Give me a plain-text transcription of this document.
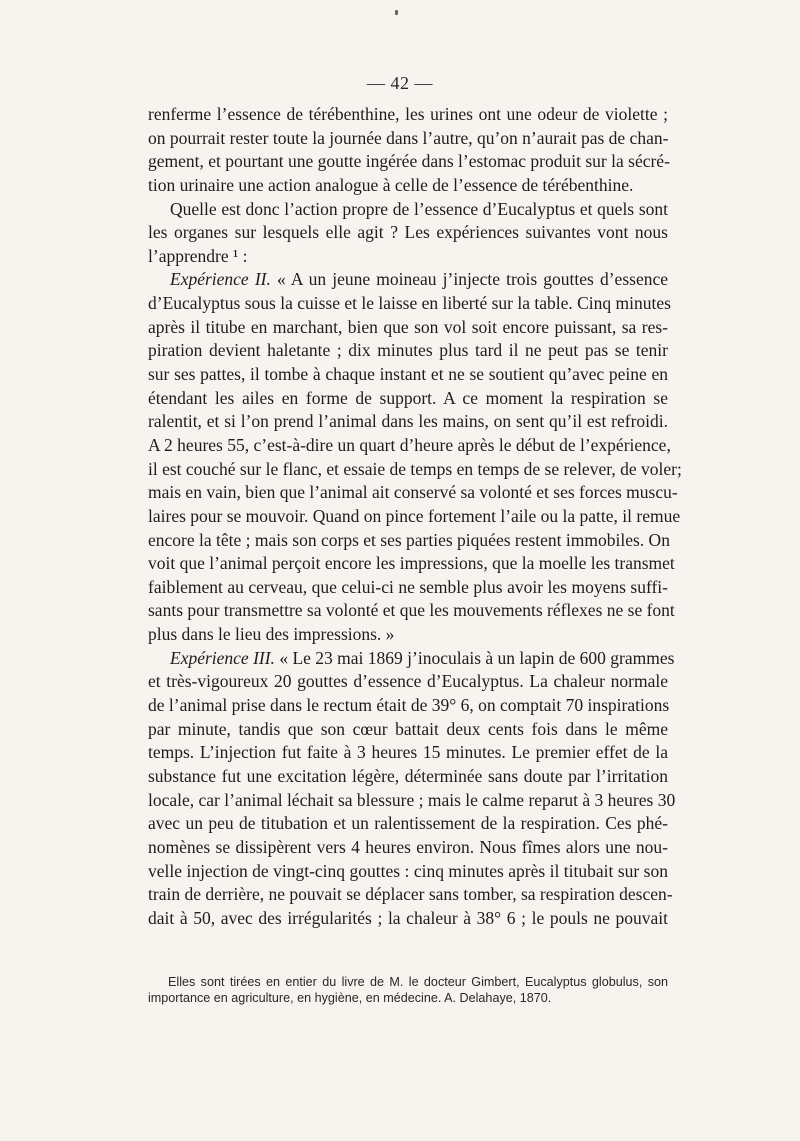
— 42 —
renferme l’essence de térébenthine, les urines ont une odeur de violette ;
on pourrait rester toute la journée dans l’autre, qu’on n’aurait pas de chan-
gement, et pourtant une goutte ingérée dans l’estomac produit sur la sécré-
tion urinaire une action analogue à celle de l’essence de térébenthine.
Quelle est donc l’action propre de l’essence d’Eucalyptus et quels sont
les organes sur lesquels elle agit ? Les expériences suivantes vont nous
l’apprendre ¹ :
Expérience II. « A un jeune moineau j’injecte trois gouttes d’essence
d’Eucalyptus sous la cuisse et le laisse en liberté sur la table. Cinq minutes
après il titube en marchant, bien que son vol soit encore puissant, sa res-
piration devient haletante ; dix minutes plus tard il ne peut pas se tenir
sur ses pattes, il tombe à chaque instant et ne se soutient qu’avec peine en
étendant les ailes en forme de support. A ce moment la respiration se
ralentit, et si l’on prend l’animal dans les mains, on sent qu’il est refroidi.
A 2 heures 55, c’est-à-dire un quart d’heure après le début de l’expérience,
il est couché sur le flanc, et essaie de temps en temps de se relever, de voler;
mais en vain, bien que l’animal ait conservé sa volonté et ses forces muscu-
laires pour se mouvoir. Quand on pince fortement l’aile ou la patte, il remue
encore la tête ; mais son corps et ses parties piquées restent immobiles. On
voit que l’animal perçoit encore les impressions, que la moelle les transmet
faiblement au cerveau, que celui-ci ne semble plus avoir les moyens suffi-
sants pour transmettre sa volonté et que les mouvements réflexes ne se font
plus dans le lieu des impressions. »
Expérience III. « Le 23 mai 1869 j’inoculais à un lapin de 600 grammes
et très-vigoureux 20 gouttes d’essence d’Eucalyptus. La chaleur normale
de l’animal prise dans le rectum était de 39° 6, on comptait 70 inspirations
par minute, tandis que son cœur battait deux cents fois dans le même
temps. L’injection fut faite à 3 heures 15 minutes. Le premier effet de la
substance fut une excitation légère, déterminée sans doute par l’irritation
locale, car l’animal léchait sa blessure ; mais le calme reparut à 3 heures 30
avec un peu de titubation et un ralentissement de la respiration. Ces phé-
nomènes se dissipèrent vers 4 heures environ. Nous fîmes alors une nou-
velle injection de vingt-cinq gouttes : cinq minutes après il titubait sur son
train de derrière, ne pouvait se déplacer sans tomber, sa respiration descen-
dait à 50, avec des irrégularités ; la chaleur à 38° 6 ; le pouls ne pouvait
Elles sont tirées en entier du livre de M. le docteur Gimbert, Eucalyptus globulus, son
importance en agriculture, en hygiène, en médecine. A. Delahaye, 1870.
